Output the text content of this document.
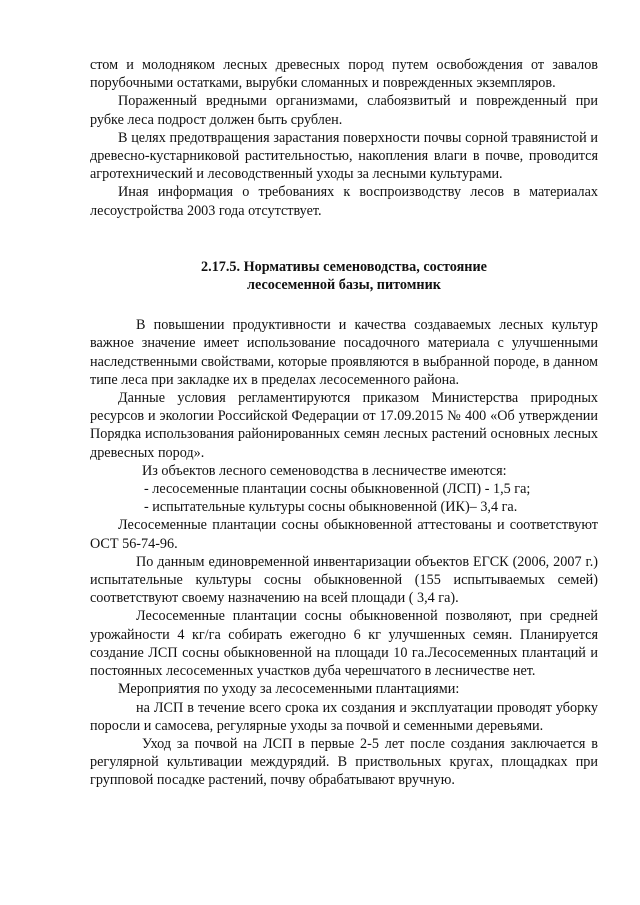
стом и молодняком лесных древесных пород путем освобождения от завалов порубочными остатками, вырубки сломанных и поврежденных экземпляров.

Пораженный вредными организмами, слабоязвитый и поврежденный при рубке леса подрост должен быть срублен.

В целях предотвращения зарастания поверхности почвы сорной травянистой и древесно-кустарниковой растительностью, накопления влаги в почве, проводится агротехнический и лесоводственный уходы за лесными культурами.

Иная информация о требованиях к воспроизводству лесов в материалах лесоустройства 2003 года отсутствует.

2.17.5. Нормативы семеноводства, состояние
лесосеменной базы, питомник

В повышении продуктивности и качества создаваемых лесных культур важное значение имеет использование посадочного материала с улучшенными наследственными свойствами, которые проявляются в выбранной породе, в данном типе леса при закладке их в пределах лесосеменного района.

Данные условия регламентируются приказом Министерства природных ресурсов и экологии Российской Федерации от 17.09.2015 № 400 «Об утверждении Порядка использования районированных семян лесных растений основных лесных древесных пород».

Из объектов лесного семеноводства в лесничестве имеются:

- лесосеменные плантации сосны обыкновенной (ЛСП) - 1,5 га;

- испытательные культуры сосны обыкновенной (ИК)– 3,4 га.

Лесосеменные плантации сосны обыкновенной аттестованы и соответствуют ОСТ 56-74-96.

По данным единовременной инвентаризации объектов ЕГСК (2006, 2007 г.) испытательные культуры сосны обыкновенной (155 испытываемых семей) соответствуют своему назначению на всей площади ( 3,4 га).

Лесосеменные плантации сосны обыкновенной позволяют, при средней урожайности 4 кг/га собирать ежегодно 6 кг улучшенных семян. Планируется создание ЛСП сосны обыкновенной на площади 10 га.Лесосеменных плантаций и постоянных лесосеменных участков дуба черешчатого в лесничестве нет.

Мероприятия по уходу за лесосеменными плантациями:

на ЛСП в течение всего срока их создания и эксплуатации проводят уборку поросли и самосева, регулярные уходы за почвой и семенными деревьями.

Уход за почвой на ЛСП в первые 2-5 лет после создания заключается в регулярной культивации междурядий. В приствольных кругах, площадках при групповой посадке растений, почву обрабатывают вручную.
